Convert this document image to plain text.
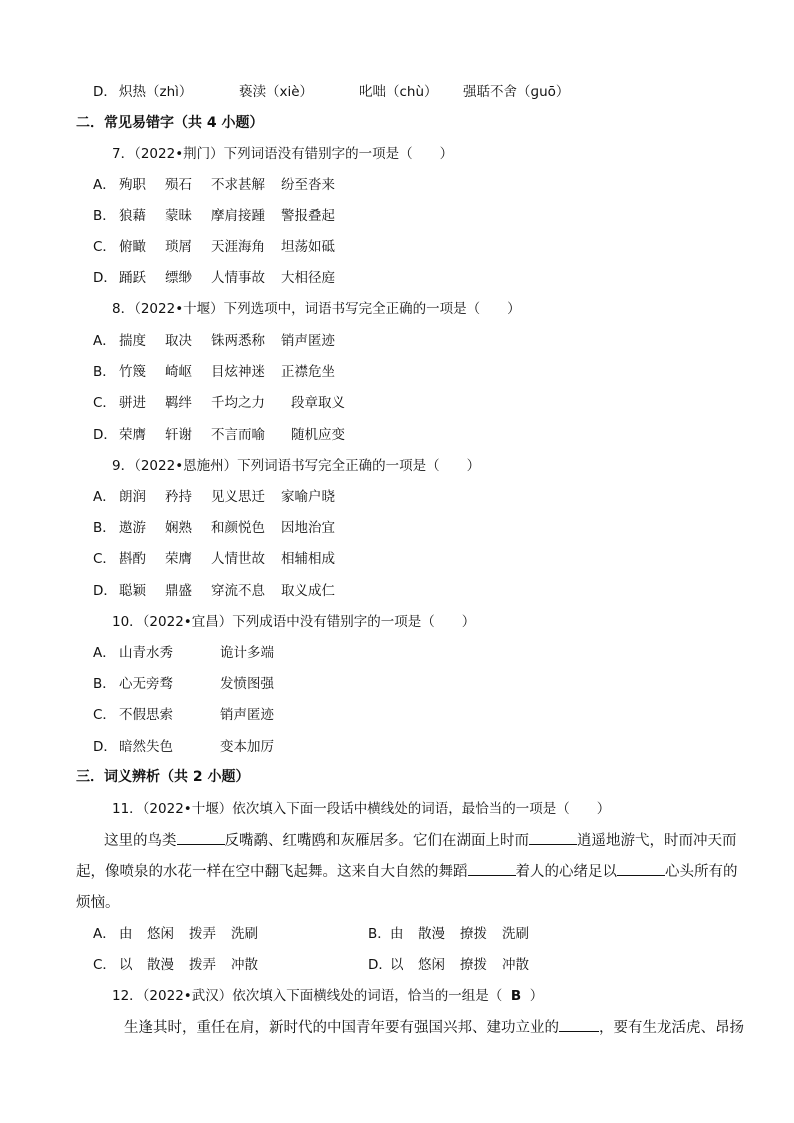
D． 炽热（zhì）	亵渎（xiè）	叱咄（chù） 强聒不舍（ɡuō）
二．常见易错字（共 4 小题）
7．（2022•荆门）下列词语没有错别字的一项是（　　）
A． 殉职 殒石 不求甚解 纷至沓来
B． 狼藉 蒙昧 摩肩接踵 警报叠起
C． 俯瞰 琐屑 天涯海角 坦荡如砥
D． 踊跃 缥缈 人情事故 大相径庭
8．（2022•十堰）下列选项中，词语书写完全正确的一项是（　　）
A． 揣度 取决 铢两悉称 销声匿迹
B． 竹篾 崎岖 目炫神迷 正襟危坐
C． 骈进 羁绊 千均之力 段章取义
D． 荣膺 轩谢 不言而喻 随机应变
9．（2022•恩施州）下列词语书写完全正确的一项是（　　）
A． 朗润 矜持 见义思迁 家喻户晓
B． 遨游 娴熟 和颜悦色 因地治宜
C． 斟酌 荣膺 人情世故 相辅相成
D． 聪颖 鼎盛 穿流不息 取义成仁
10．（2022•宜昌）下列成语中没有错别字的一项是（　　）
A． 山青水秀	诡计多端
B． 心无旁骛	发愤图强
C． 不假思索	销声匿迹
D． 暗然失色	变本加厉
三．词义辨析（共 2 小题）
11．（2022•十堰）依次填入下面一段话中横线处的词语，最恰当的一项是（　　）
这里的鸟类	反嘴鹬、红嘴鸥和灰雁居多。它们在湖面上时而	逍遥地游弋，时而冲天而
起，像喷泉的水花一样在空中翻飞起舞。这来自大自然的舞蹈	着人的心绪足以	心头所有的
烦恼。
A． 由 悠闲 拨弄 洗刷	B．由 散漫 撩拨 洗刷
C． 以 散漫 拨弄 冲散	D．以 悠闲 撩拨 冲散
12．（2022•武汉）依次填入下面横线处的词语，恰当的一组是（ B ）
生逢其时，重任在肩，新时代的中国青年要有强国兴邦、建功立业的	，要有生龙活虎、昂扬
